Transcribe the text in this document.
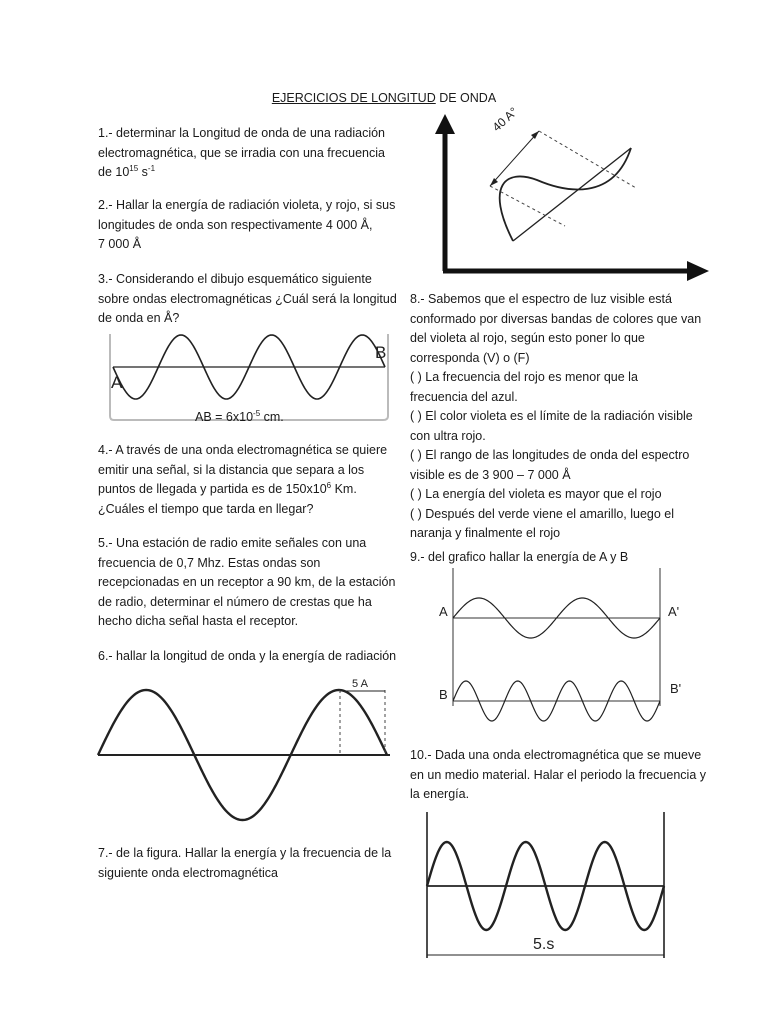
EJERCICIOS DE LONGITUD DE ONDA
1.- determinar la Longitud de onda de una radiación
electromagnética, que se irradia con una frecuencia
de $10^{15}$ $s^{-1}$
2.- Hallar la energía de radiación violeta, y rojo, si sus
longitudes de onda son respectivamente 4 000 Å,
7 000 Å
3.- Considerando el dibujo esquemático siguiente
sobre ondas electromagnéticas ¿Cuál será la longitud
de onda en Å?
A
B
AB = $6x10^{-5}$ cm.
4.- A través de una onda electromagnética se quiere
emitir una señal, si la distancia que separa a los
puntos de llegada y partida es de $150x10^6$ Km.
¿Cuáles el tiempo que tarda en llegar?
5.- Una estación de radio emite señales con una
frecuencia de 0,7 Mhz. Estas ondas son
recepcionadas en un receptor a 90 km, de la estación
de radio, determinar el número de crestas que ha
hecho dicha señal hasta el receptor.
6.- hallar la longitud de onda y la energía de radiación
5 A
7.- de la figura. Hallar la energía y la frecuencia de la
siguiente onda electromagnética
40 A°
8.- Sabemos que el espectro de luz visible está
conformado por diversas bandas de colores que van
del violeta al rojo, según esto poner lo que
corresponda (V) o (F)
( ) La frecuencia del rojo es menor que la
frecuencia del azul.
( ) El color violeta es el límite de la radiación visible
con ultra rojo.
( ) El rango de las longitudes de onda del espectro
visible es de 3 900 – 7 000 Å
( ) La energía del violeta es mayor que el rojo
( ) Después del verde viene el amarillo, luego el
naranja y finalmente el rojo
9.- del grafico hallar la energía de A y B
A	A'
B	B'
10.- Dada una onda electromagnética que se mueve
en un medio material. Halar el periodo la frecuencia y
la energía.
5.s
